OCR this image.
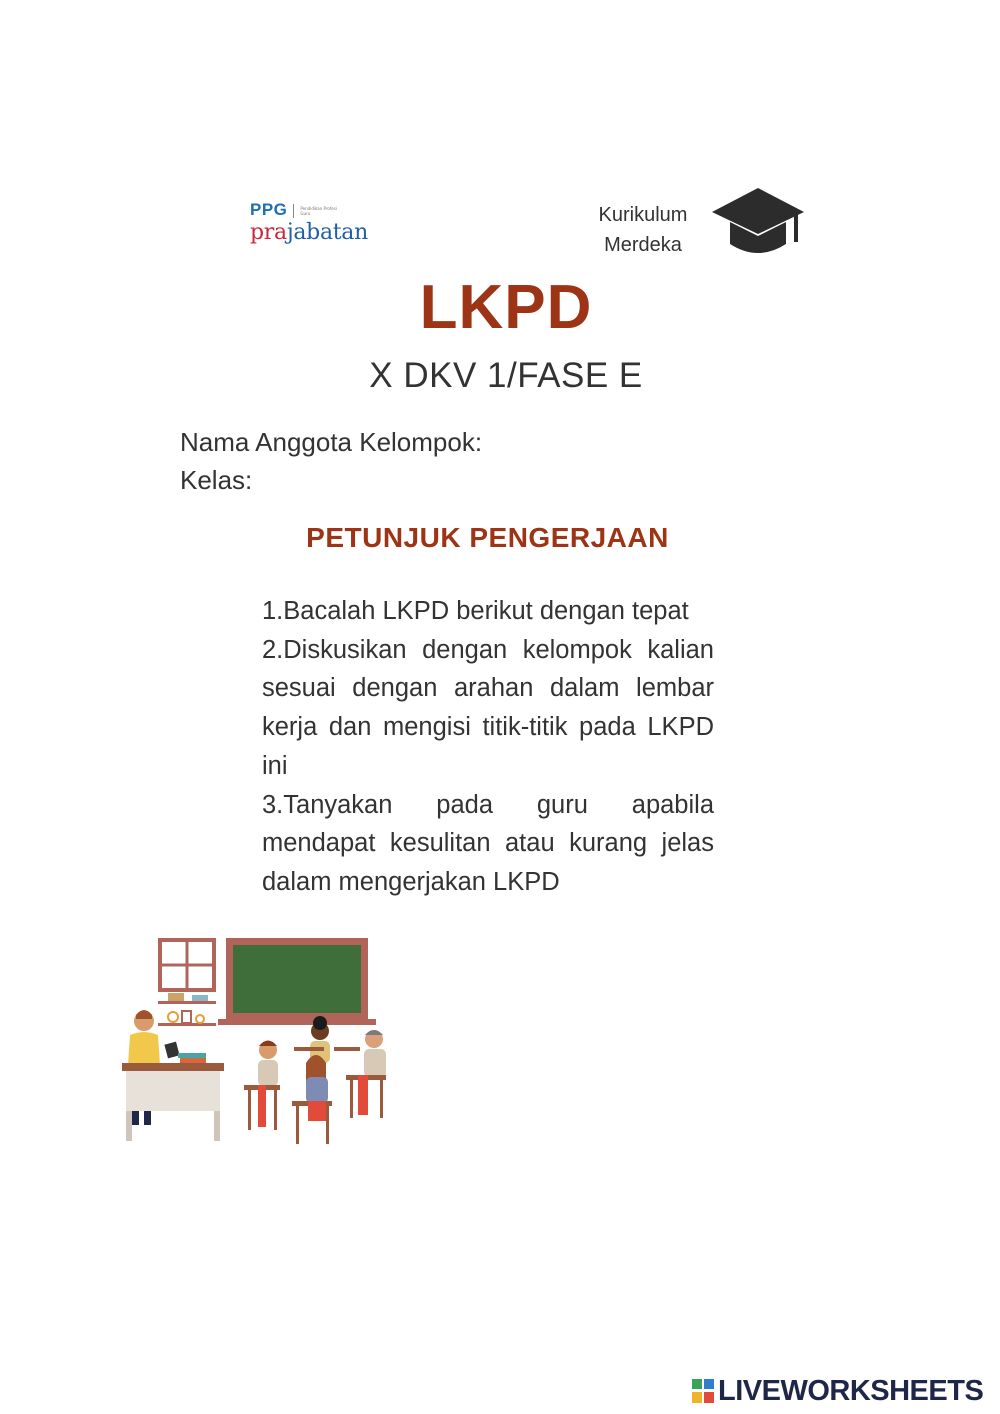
PPG	Pendidikan Profesi Guru
prajabatan
Kurikulum
Merdeka
LKPD
X DKV 1/FASE E
Nama Anggota Kelompok:
Kelas:
PETUNJUK PENGERJAAN

1.Bacalah LKPD berikut dengan tepat

2.Diskusikan dengan kelompok kalian sesuai dengan arahan dalam lembar kerja dan mengisi titik-titik pada LKPD ini

3.Tanyakan pada guru apabila mendapat kesulitan atau kurang jelas dalam mengerjakan LKPD

LIVEWORKSHEETS
